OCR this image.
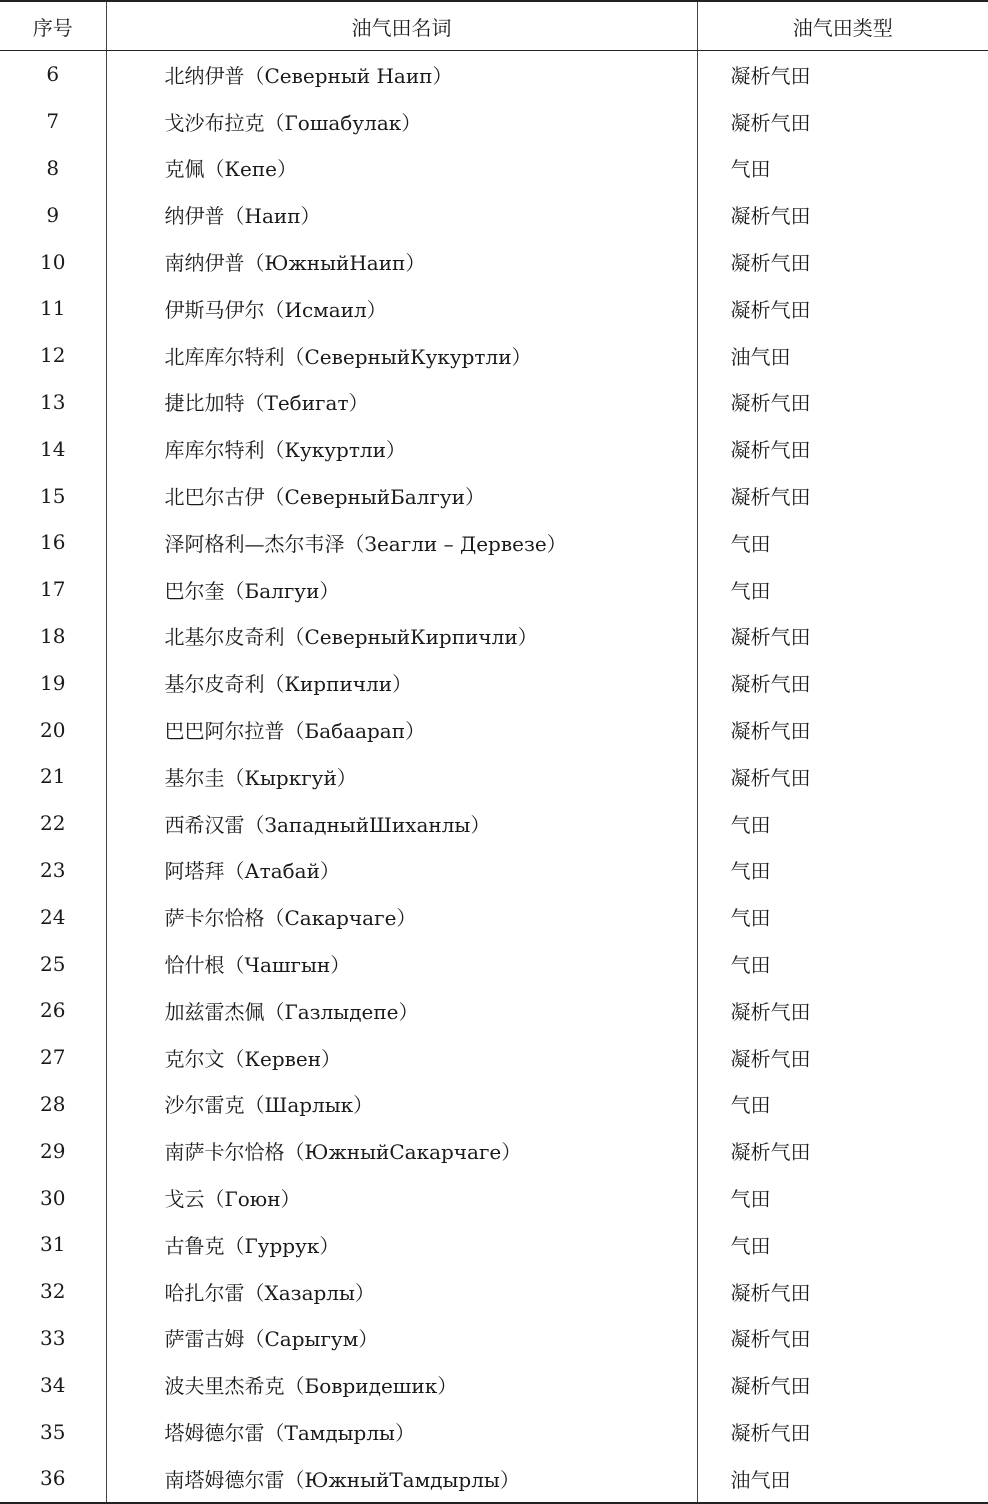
序号	油气田名词	油气田类型
6	北纳伊普（Северный Наип）	凝析气田
7	戈沙布拉克（Гошабулак）	凝析气田
8	克佩（Кепе）	气田
9	纳伊普（Наип）	凝析气田
10	南纳伊普（ЮжныйНаип）	凝析气田
11	伊斯马伊尔（Исмаил）	凝析气田
12	北库库尔特利（СеверныйКукуртли）	油气田
13	捷比加特（Тебигат）	凝析气田
14	库库尔特利（Кукуртли）	凝析气田
15	北巴尔古伊（СеверныйБалгуи）	凝析气田
16	泽阿格利—杰尔韦泽（Зеагли – Дервезе）	气田
17	巴尔奎（Балгуи）	气田
18	北基尔皮奇利（СеверныйКирпичли）	凝析气田
19	基尔皮奇利（Кирпичли）	凝析气田
20	巴巴阿尔拉普（Бабаарап）	凝析气田
21	基尔圭（Кыркгуй）	凝析气田
22	西希汉雷（ЗападныйШиханлы）	气田
23	阿塔拜（Атабай）	气田
24	萨卡尔恰格（Сакарчаге）	气田
25	恰什根（Чашгын）	气田
26	加兹雷杰佩（Газлыдепе）	凝析气田
27	克尔文（Кервен）	凝析气田
28	沙尔雷克（Шарлык）	气田
29	南萨卡尔恰格（ЮжныйСакарчаге）	凝析气田
30	戈云（Гоюн）	气田
31	古鲁克（Гуррук）	气田
32	哈扎尔雷（Хазарлы）	凝析气田
33	萨雷古姆（Сарыгум）	凝析气田
34	波夫里杰希克（Бовридешик）	凝析气田
35	塔姆德尔雷（Тамдырлы）	凝析气田
36	南塔姆德尔雷（ЮжныйТамдырлы）	油气田
